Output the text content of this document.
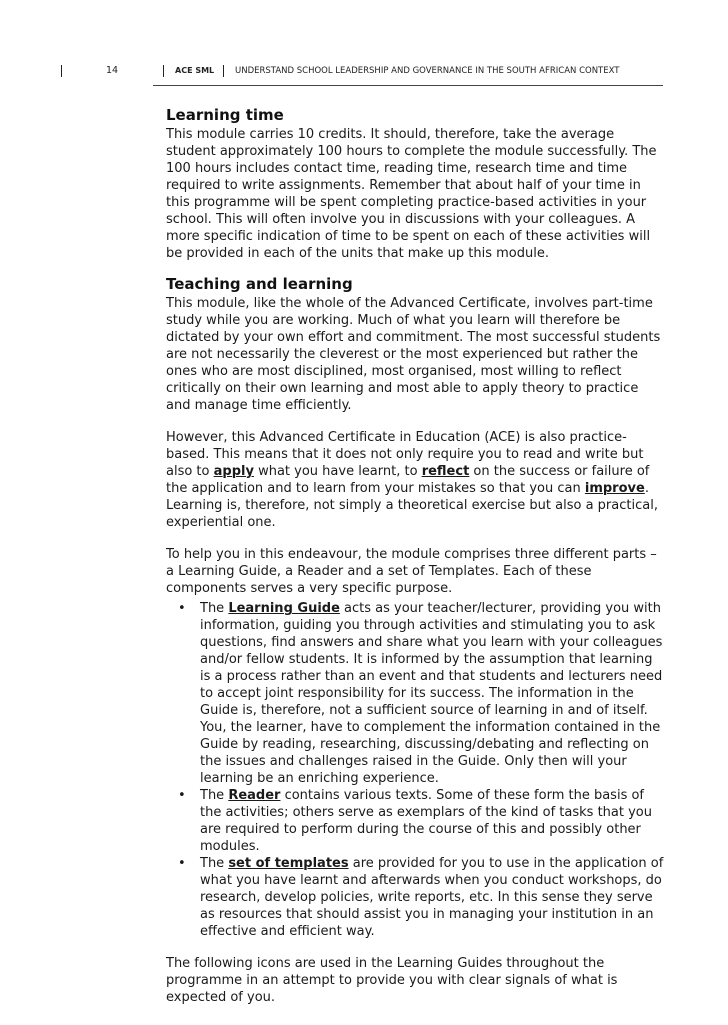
14	ACE SML UNDERSTAND SCHOOL LEADERSHIP AND GOVERNANCE IN THE SOUTH AFRICAN CONTEXT
Learning time

This module carries 10 credits. It should, therefore, take the average student approximately 100 hours to complete the module successfully. The 100 hours includes contact time, reading time, research time and time required to write assignments. Remember that about half of your time in this programme will be spent completing practice-based activities in your school. This will often involve you in discussions with your colleagues. A more specific indication of time to be spent on each of these activities will be provided in each of the units that make up this module.

Teaching and learning

This module, like the whole of the Advanced Certificate, involves part-time study while you are working. Much of what you learn will therefore be dictated by your own effort and commitment. The most successful students are not necessarily the cleverest or the most experienced but rather the ones who are most disciplined, most organised, most willing to reflect critically on their own learning and most able to apply theory to practice and manage time efficiently.

However, this Advanced Certificate in Education (ACE) is also practice-based. This means that it does not only require you to read and write but also to apply what you have learnt, to reflect on the success or failure of the application and to learn from your mistakes so that you can improve. Learning is, therefore, not simply a theoretical exercise but also a practical, experiential one.

To help you in this endeavour, the module comprises three different parts – a Learning Guide, a Reader and a set of Templates. Each of these components serves a very specific purpose.

• The Learning Guide acts as your teacher/lecturer, providing you with information, guiding you through activities and stimulating you to ask questions, find answers and share what you learn with your colleagues and/or fellow students. It is informed by the assumption that learning is a process rather than an event and that students and lecturers need to accept joint responsibility for its success. The information in the Guide is, therefore, not a sufficient source of learning in and of itself. You, the learner, have to complement the information contained in the Guide by reading, researching, discussing/debating and reflecting on the issues and challenges raised in the Guide. Only then will your learning be an enriching experience.
• The Reader contains various texts. Some of these form the basis of the activities; others serve as exemplars of the kind of tasks that you are required to perform during the course of this and possibly other modules.
• The set of templates are provided for you to use in the application of what you have learnt and afterwards when you conduct workshops, do research, develop policies, write reports, etc. In this sense they serve as resources that should assist you in managing your institution in an effective and efficient way.

The following icons are used in the Learning Guides throughout the programme in an attempt to provide you with clear signals of what is expected of you.
